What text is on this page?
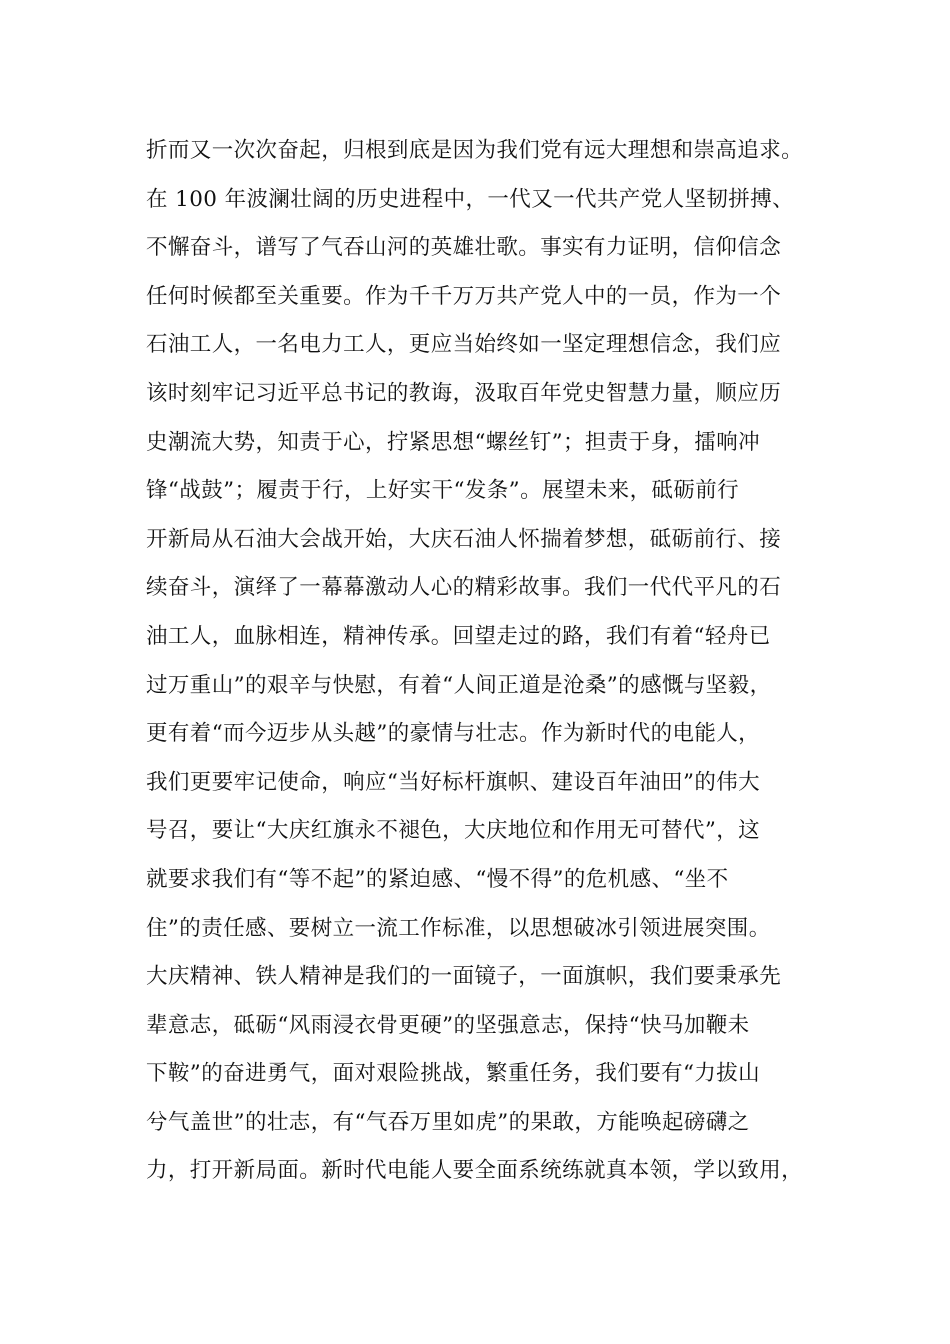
折而又一次次奋起，归根到底是因为我们党有远大理想和崇高追求。
在 100 年波澜壮阔的历史进程中，一代又一代共产党人坚韧拼搏、
不懈奋斗，谱写了气吞山河的英雄壮歌。事实有力证明，信仰信念
任何时候都至关重要。作为千千万万共产党人中的一员，作为一个
石油工人，一名电力工人，更应当始终如一坚定理想信念，我们应
该时刻牢记习近平总书记的教诲，汲取百年党史智慧力量，顺应历
史潮流大势，知责于心，拧紧思想“螺丝钉”；担责于身，擂响冲
锋“战鼓”；履责于行，上好实干“发条”。展望未来，砥砺前行
开新局从石油大会战开始，大庆石油人怀揣着梦想，砥砺前行、接
续奋斗，演绎了一幕幕激动人心的精彩故事。我们一代代平凡的石
油工人，血脉相连，精神传承。回望走过的路，我们有着“轻舟已
过万重山”的艰辛与快慰，有着“人间正道是沧桑”的感慨与坚毅，
更有着“而今迈步从头越”的豪情与壮志。作为新时代的电能人，
我们更要牢记使命，响应“当好标杆旗帜、建设百年油田”的伟大
号召，要让“大庆红旗永不褪色，大庆地位和作用无可替代”，这
就要求我们有“等不起”的紧迫感、“慢不得”的危机感、“坐不
住”的责任感、要树立一流工作标准，以思想破冰引领进展突围。
大庆精神、铁人精神是我们的一面镜子，一面旗帜，我们要秉承先
辈意志，砥砺“风雨浸衣骨更硬”的坚强意志，保持“快马加鞭未
下鞍”的奋进勇气，面对艰险挑战，繁重任务，我们要有“力拔山
兮气盖世”的壮志，有“气吞万里如虎”的果敢，方能唤起磅礴之
力，打开新局面。新时代电能人要全面系统练就真本领，学以致用，
